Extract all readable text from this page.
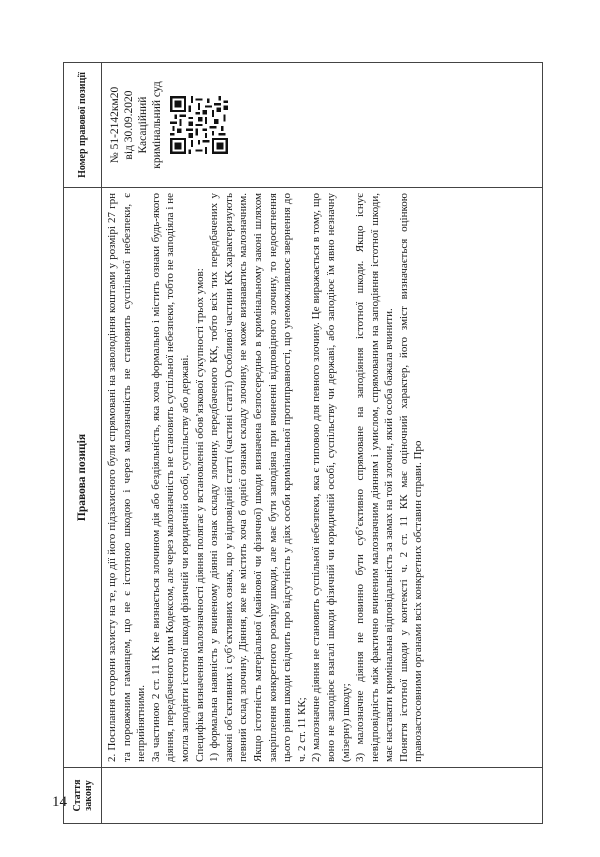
14 Стаття закону
Правова позиція
Номер правової позиції

2. Посилання сторони захисту на те, що дії його підзахисного були спрямовані на заволодіння коштами у розмірі 27 грн та поровжним гаманцем, що не є істотною шкодою і через малозначність не становить суспільної небезпеки, є неприйнятними. За частиною 2 ст. 11 КК не визнається злочином дія або бездіяльність, яка хоча формально і містить ознаки будь-якого діяння, передбаченого цим Кодексом, але через малозначність не становить суспільної небезпеки, тобто не заподіяла і не могла заподіяти істотної шкоди фізичній чи юридичній особі, суспільству або державі. Специфіка визначення малозначності діяння полягає у встановленні обов’язкової сукупності трьох умов: 1) формальна наявність у вчиненому діянні ознак складу злочину, передбаченого КК, тобто всіх тих передбачених у законі об’єктивних і суб’єктивних ознак, що у відповідній статті (частині статті) Особливої частини КК характеризують певний склад злочину. Діяння, яке не містить хоча б однієї ознаки складу злочину, не може визнаватись малозначним. Якщо істотність матеріальної (майнової чи фізичної) шкоди визначена безпосередньо в кримінальному законі шляхом закріплення конкретного розміру шкоди, але має бути заподіяна при вчиненні відповідного злочину, то недосягнення цього рівня шкоди свідчить про відсутність у діях особи кримінальної протиправності, що унеможливлює звернення до ч. 2 ст. 11 КК; 2) малозначне діяння не становить суспільної небезпеки, яка є типовою для певного злочину. Це виражається в тому, що воно не заподіює взагалі шкоди фізичній чи юридичній особі, суспільству чи державі, або заподіює їм явно незначну (мізерну) шкоду; 3) малозначне діяння не повинно бути суб’єктивно спрямоване на заподіяння істотної шкоди. Якщо існує невідповідність між фактично вчиненим малозначним діянням і умислом, спрямованим на заподіяння істотної шкоди, має наставати кримінальна відповідальність за замах на той злочин, який особа бажала вчинити. Поняття істотної шкоди у контексті ч. 2 ст. 11 КК має оціночний характер, його зміст визначається оцінкою правозастосовними органами всіх конкретних обставин справи. Про

№ 51-2142км20 від 30.09.2020 Касаційний кримінальний суд
